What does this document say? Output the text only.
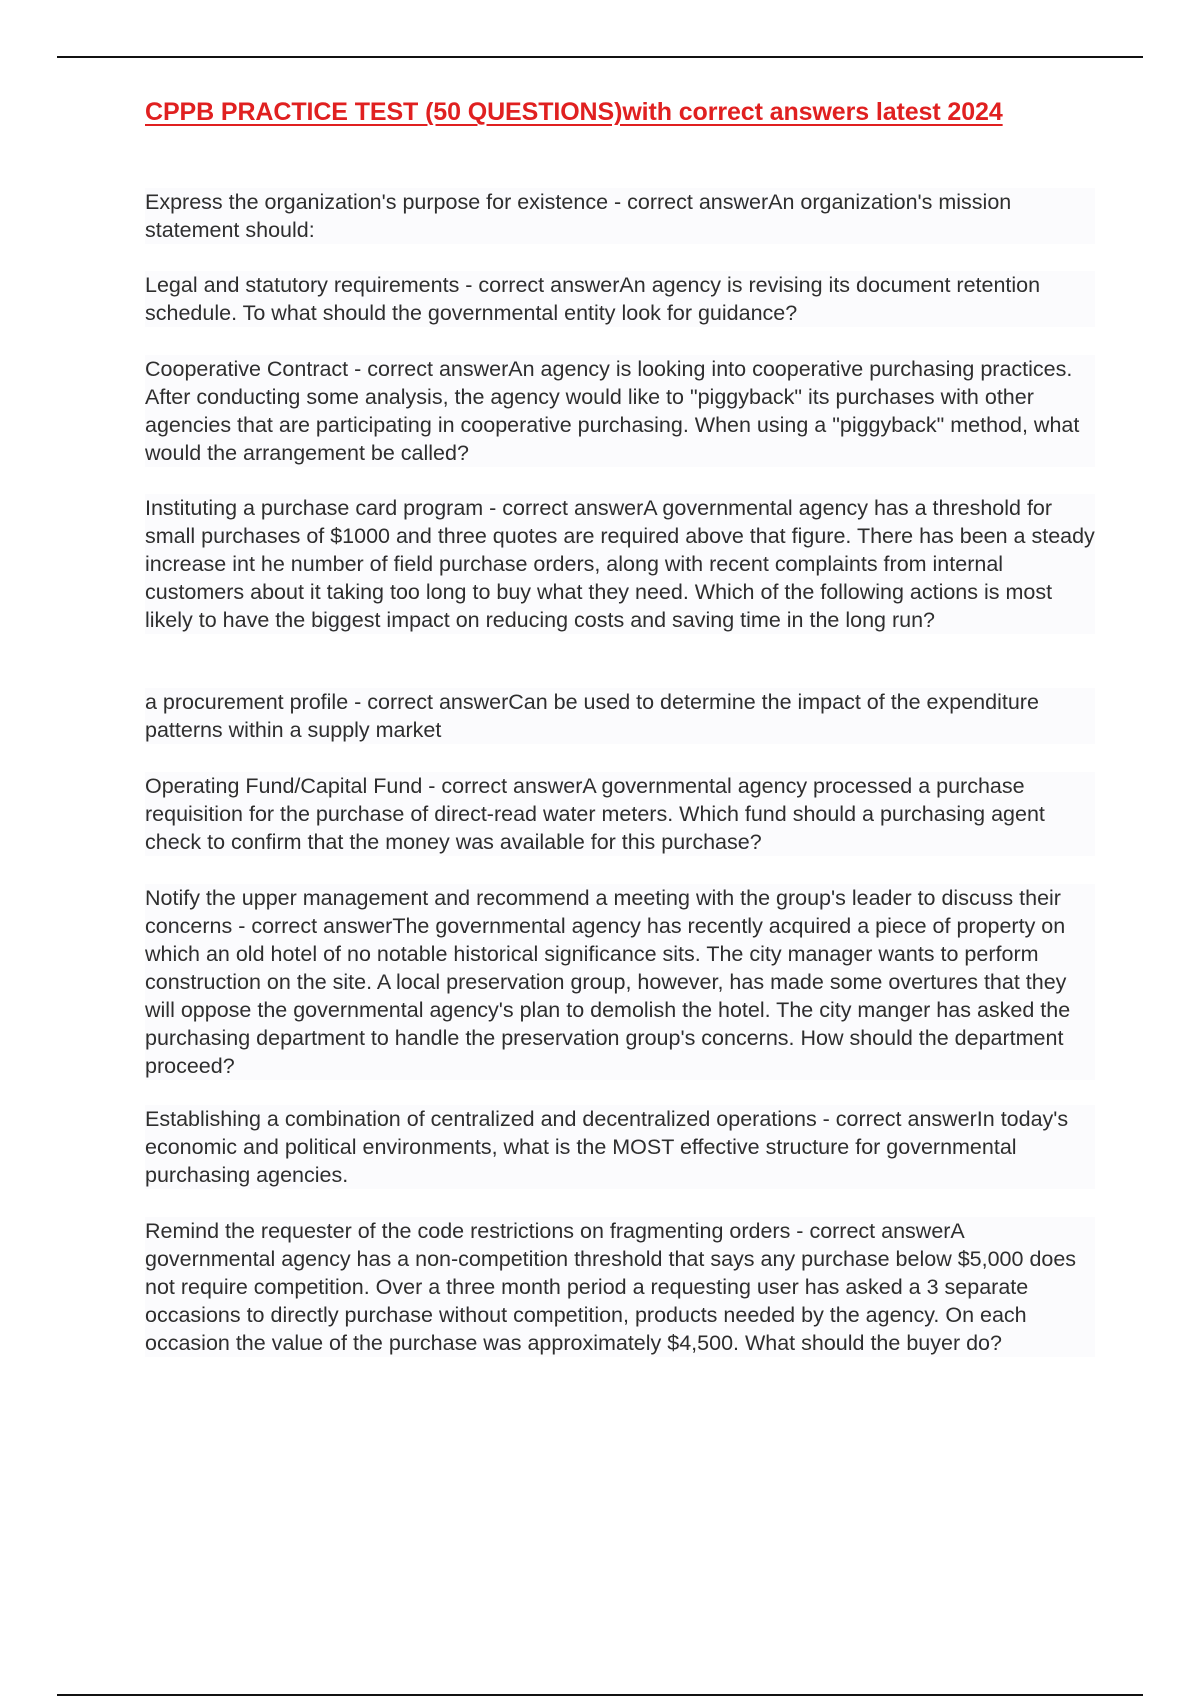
CPPB PRACTICE TEST (50 QUESTIONS)with correct answers latest 2024

Express the organization's purpose for existence - correct answerAn organization's mission statement should:

Legal and statutory requirements - correct answerAn agency is revising its document retention schedule. To what should the governmental entity look for guidance?

Cooperative Contract - correct answerAn agency is looking into cooperative purchasing practices. After conducting some analysis, the agency would like to "piggyback" its purchases with other agencies that are participating in cooperative purchasing. When using a "piggyback" method, what would the arrangement be called?

Instituting a purchase card program - correct answerA governmental agency has a threshold for small purchases of $1000 and three quotes are required above that figure. There has been a steady increase int he number of field purchase orders, along with recent complaints from internal customers about it taking too long to buy what they need. Which of the following actions is most likely to have the biggest impact on reducing costs and saving time in the long run?

a procurement profile - correct answerCan be used to determine the impact of the expenditure patterns within a supply market

Operating Fund/Capital Fund - correct answerA governmental agency processed a purchase requisition for the purchase of direct-read water meters. Which fund should a purchasing agent check to confirm that the money was available for this purchase?

Notify the upper management and recommend a meeting with the group's leader to discuss their concerns - correct answerThe governmental agency has recently acquired a piece of property on which an old hotel of no notable historical significance sits. The city manager wants to perform construction on the site. A local preservation group, however, has made some overtures that they will oppose the governmental agency's plan to demolish the hotel. The city manger has asked the purchasing department to handle the preservation group's concerns. How should the department proceed?

Establishing a combination of centralized and decentralized operations - correct answerIn today's economic and political environments, what is the MOST effective structure for governmental purchasing agencies.

Remind the requester of the code restrictions on fragmenting orders - correct answerA governmental agency has a non-competition threshold that says any purchase below $5,000 does not require competition. Over a three month period a requesting user has asked a 3 separate occasions to directly purchase without competition, products needed by the agency. On each occasion the value of the purchase was approximately $4,500. What should the buyer do?
